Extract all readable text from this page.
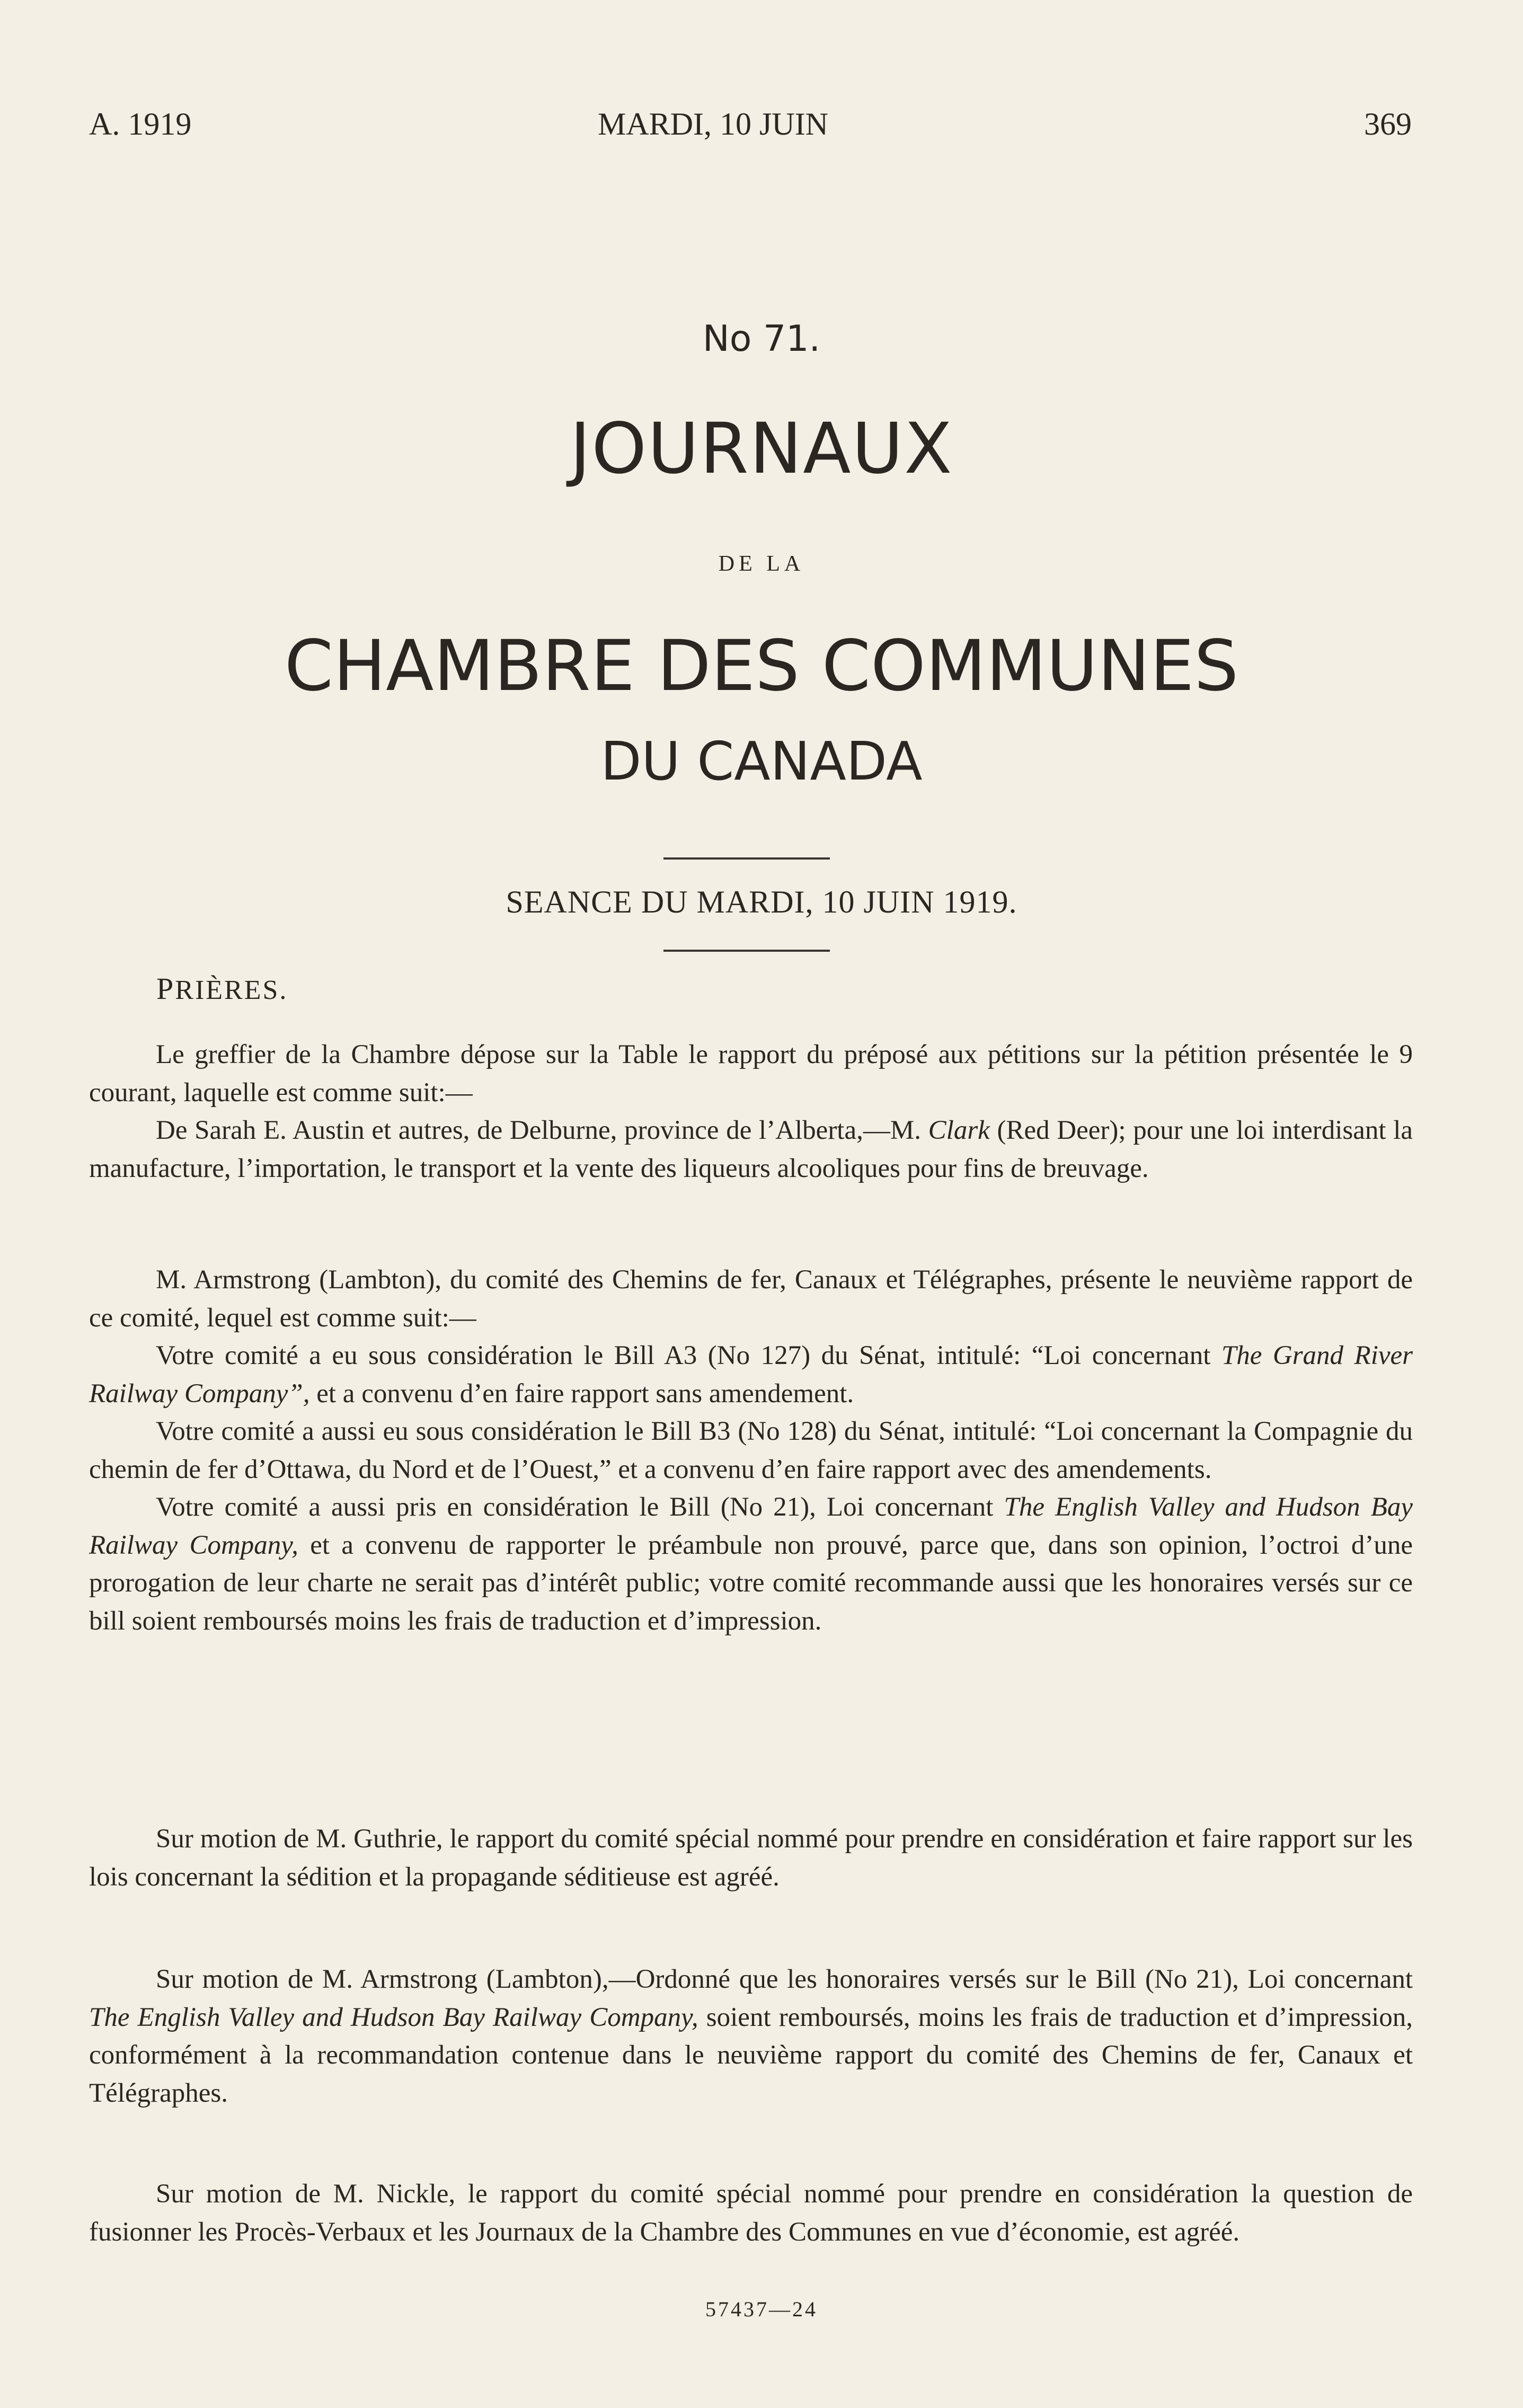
A. 1919	MARDI, 10 JUIN	369
No 71.
JOURNAUX
DE LA
CHAMBRE DES COMMUNES
DU CANADA
SEANCE DU MARDI, 10 JUIN 1919.
PRIÈRES.

Le greffier de la Chambre dépose sur la Table le rapport du préposé aux pétitions sur la pétition présentée le 9 courant, laquelle est comme suit:—

De Sarah E. Austin et autres, de Delburne, province de l’Alberta,—M. Clark (Red Deer); pour une loi interdisant la manufacture, l’importation, le transport et la vente des liqueurs alcooliques pour fins de breuvage.

M. Armstrong (Lambton), du comité des Chemins de fer, Canaux et Télégraphes, présente le neuvième rapport de ce comité, lequel est comme suit:—

Votre comité a eu sous considération le Bill A3 (No 127) du Sénat, intitulé: “Loi concernant The Grand River Railway Company”, et a convenu d’en faire rapport sans amendement.

Votre comité a aussi eu sous considération le Bill B3 (No 128) du Sénat, intitulé: “Loi concernant la Compagnie du chemin de fer d’Ottawa, du Nord et de l’Ouest,” et a convenu d’en faire rapport avec des amendements.

Votre comité a aussi pris en considération le Bill (No 21), Loi concernant The English Valley and Hudson Bay Railway Company, et a convenu de rapporter le préambule non prouvé, parce que, dans son opinion, l’octroi d’une prorogation de leur charte ne serait pas d’intérêt public; votre comité recommande aussi que les honoraires versés sur ce bill soient remboursés moins les frais de traduction et d’impression.

Sur motion de M. Guthrie, le rapport du comité spécial nommé pour prendre en considération et faire rapport sur les lois concernant la sédition et la propagande séditieuse est agréé.

Sur motion de M. Armstrong (Lambton),—Ordonné que les honoraires versés sur le Bill (No 21), Loi concernant The English Valley and Hudson Bay Railway Company, soient remboursés, moins les frais de traduction et d’impression, conformément à la recommandation contenue dans le neuvième rapport du comité des Chemins de fer, Canaux et Télégraphes.

Sur motion de M. Nickle, le rapport du comité spécial nommé pour prendre en considération la question de fusionner les Procès-Verbaux et les Journaux de la Chambre des Communes en vue d’économie, est agréé.

57437—24
